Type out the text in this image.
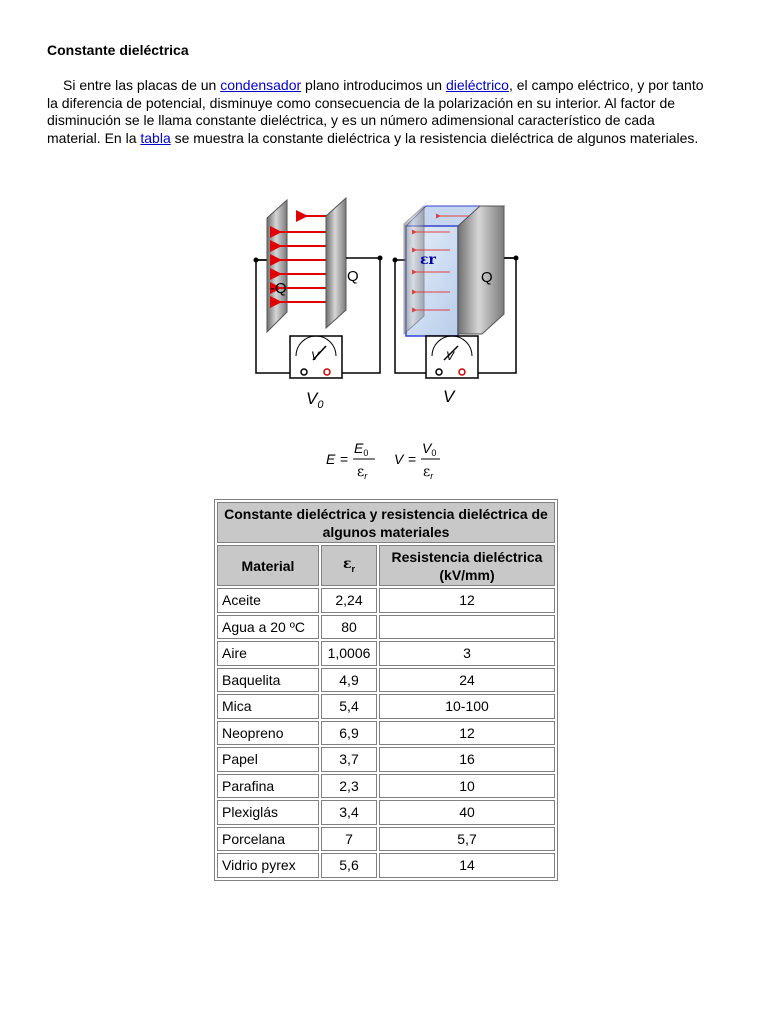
Constante dieléctrica
Si entre las placas de un condensador plano introducimos un dieléctrico, el campo eléctrico, y por tanto la diferencia de potencial, disminuye como consecuencia de la polarización en su interior. Al factor de disminución se le llama constante dieléctrica, y es un número adimensional característico de cada material. En la tabla se muestra la constante dieléctrica y la resistencia dieléctrica de algunos materiales.
-Q
Q
V
$V_0$
εr
Q
V
V
E =
$E_0$
$\varepsilon_r$
V =
$V_0$
$\varepsilon_r$
Constante dieléctrica y resistencia dieléctrica de algunos materiales		
Material	$\varepsilon_r$	Resistencia dieléctrica (kV/mm)
Aceite	2,24	12
Agua a 20 ºC	80	
Aire	1,0006	3
Baquelita	4,9	24
Mica	5,4	10-100
Neopreno	6,9	12
Papel	3,7	16
Parafina	2,3	10
Plexiglás	3,4	40
Porcelana	7	5,7
Vidrio pyrex	5,6	14
